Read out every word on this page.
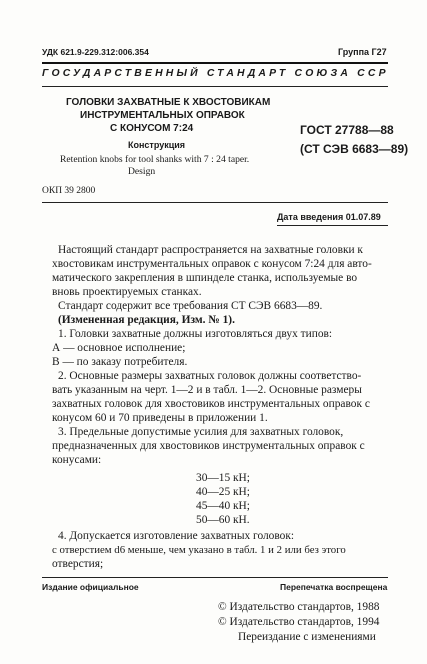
УДК 621.9-229.312:006.354	Группа Г27
ГОСУДАРСТВЕННЫЙ СТАНДАРТ СОЮЗА ССР
ГОЛОВКИ ЗАХВАТНЫЕ К ХВОСТОВИКАМ
ИНСТРУМЕНТАЛЬНЫХ ОПРАВОК
С КОНУСОМ 7:24
Конструкция
Retention knobs for tool shanks with 7 : 24 taper.
Design
ГОСТ 27788—88
(СТ СЭВ 6683—89)
ОКП 39 2800
Дата введения 01.07.89
Настоящий стандарт распространяется на захватные головки к
хвостовикам инструментальных оправок с конусом 7:24 для авто-
матического закрепления в шпинделе станка, используемые во
вновь проектируемых станках.
Стандарт содержит все требования СТ СЭВ 6683—89.
(Измененная редакция, Изм. № 1).
1. Головки захватные должны изготовляться двух типов:
А — основное исполнение;
В — по заказу потребителя.
2. Основные размеры захватных головок должны соответство-
вать указанным на черт. 1—2 и в табл. 1—2. Основные размеры
захватных головок для хвостовиков инструментальных оправок с
конусом 60 и 70 приведены в приложении 1.
3. Предельные допустимые усилия для захватных головок,
предназначенных для хвостовиков инструментальных оправок с
конусами:
30—15 кН;
40—25 кН;
45—40 кН;
50—60 кН.
4. Допускается изготовление захватных головок:
с отверстием d6 меньше, чем указано в табл. 1 и 2 или без этого
отверстия;
Издание официальное	Перепечатка воспрещена
© Издательство стандартов, 1988
© Издательство стандартов, 1994
Переиздание с изменениями
